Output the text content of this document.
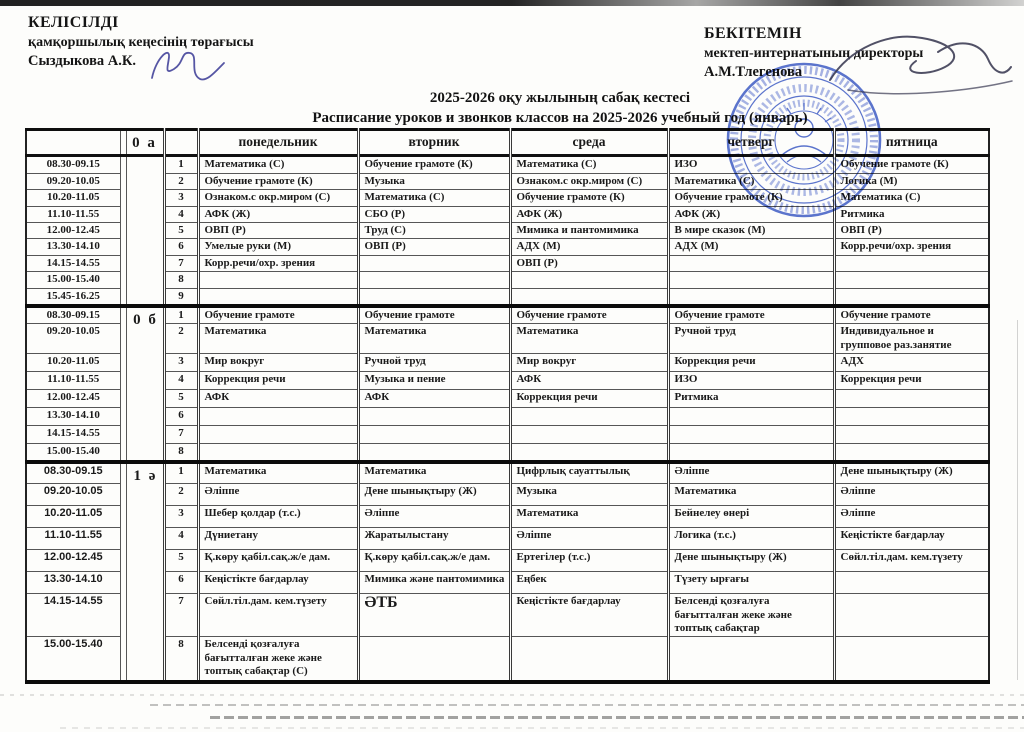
КЕЛІСІЛДІ
қамқоршылық кеңесінің төрағысы
Сыздыкова А.К.
БЕКІТЕМІН
мектеп-интернатының директоры
А.М.Тлегенова
2025-2026 оқу жылының сабақ кестесі
Расписание уроков и звонков классов на 2025-2026 учебный год (январь)
		0 а		понедельник	вторник	среда	четверг	пятница
08.30-09.15			1	Математика (С)	Обучение грамоте (К)	Математика (С)	ИЗО	Обучение грамоте (К)
09.20-10.05			2	Обучение грамоте (К)	Музыка	Ознаком.с окр.миром (С)	Математика (С)	Логика (М)
10.20-11.05			3	Ознаком.с окр.миром (С)	Математика (С)	Обучение грамоте (К)	Обучение грамоте (К)	Математика (С)
11.10-11.55			4	АФК (Ж)	СБО (Р)	АФК (Ж)	АФК (Ж)	Ритмика
12.00-12.45			5	ОВП (Р)	Труд (С)	Мимика и пантомимика	В мире сказок (М)	ОВП (Р)
13.30-14.10			6	Умелые руки (М)	ОВП (Р)	АДХ (М)	АДХ (М)	Корр.речи/охр. зрения
14.15-14.55			7	Корр.речи/охр. зрения		ОВП (Р)		
15.00-15.40			8					
15.45-16.25			9					
08.30-09.15		0 б	1	Обучение грамоте	Обучение грамоте	Обучение грамоте	Обучение грамоте	Обучение грамоте
09.20-10.05			2	Математика	Математика	Математика	Ручной труд	Индивидуальное и групповое раз.занятие
10.20-11.05			3	Мир вокруг	Ручной труд	Мир вокруг	Коррекция речи	АДХ
11.10-11.55			4	Коррекция речи	Музыка и пение	АФК	ИЗО	Коррекция речи
12.00-12.45			5	АФК	АФК	Коррекция речи	Ритмика	
13.30-14.10			6					
14.15-14.55			7					
15.00-15.40			8					
08.30-09.15		1 ә	1	Математика	Математика	Цифрлық сауаттылық	Әліппе	Дене шынықтыру (Ж)
09.20-10.05			2	Әліппе	Дене шынықтыру (Ж)	Музыка	Математика	Әліппе
10.20-11.05			3	Шебер қолдар (т.с.)	Әліппе	Математика	Бейнелеу өнері	Әліппе
11.10-11.55			4	Дүниетану	Жаратылыстану	Әліппе	Логика (т.с.)	Кеңістікте бағдарлау
12.00-12.45			5	Қ.көру қабіл.сақ.ж/е дам.	Қ.көру қабіл.сақ.ж/е дам.	Ертегілер (т.с.)	Дене шынықтыру (Ж)	Сөйл.тіл.дам. кем.түзету
13.30-14.10			6	Кеңістікте бағдарлау	Мимика және пантомимика	Еңбек	Түзету ырғағы	
14.15-14.55			7	Сөйл.тіл.дам. кем.түзету	ӘТБ	Кеңістікте бағдарлау	Белсенді қозғалуға бағытталған жеке және топтық сабақтар	
15.00-15.40			8	Белсенді қозғалуға бағытталған жеке және топтық сабақтар (С)				
